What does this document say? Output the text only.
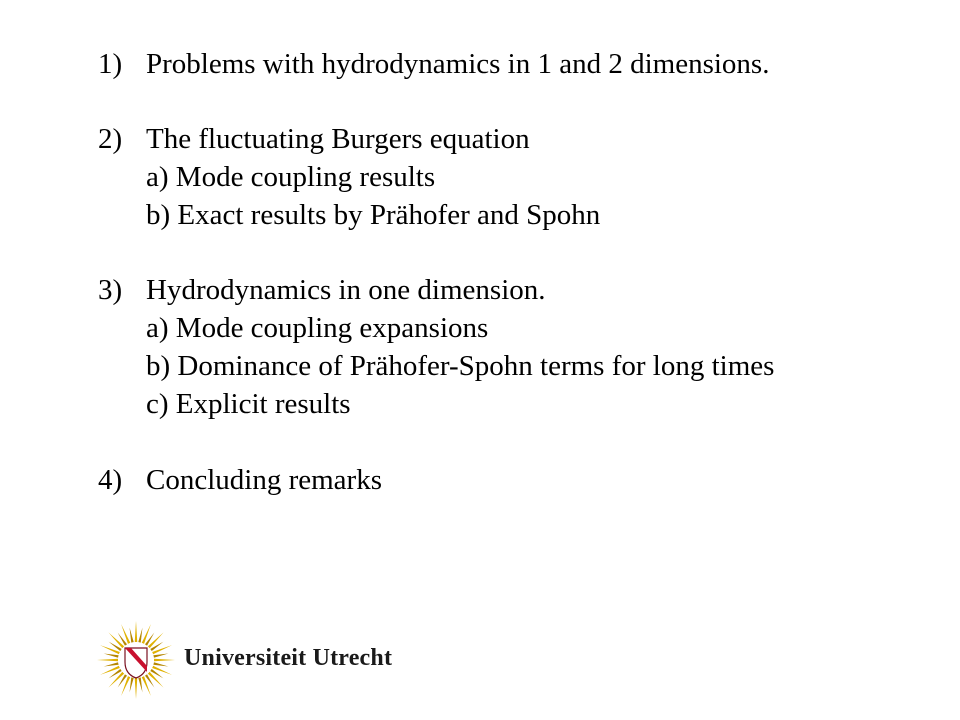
1) Problems with hydrodynamics in 1 and 2 dimensions.
2) The fluctuating Burgers equation
a) Mode coupling results
b) Exact results by Prähofer and Spohn
3) Hydrodynamics in one dimension.
a) Mode coupling expansions
b) Dominance of Prähofer-Spohn terms for long times
c) Explicit results
4) Concluding remarks
Universiteit Utrecht
